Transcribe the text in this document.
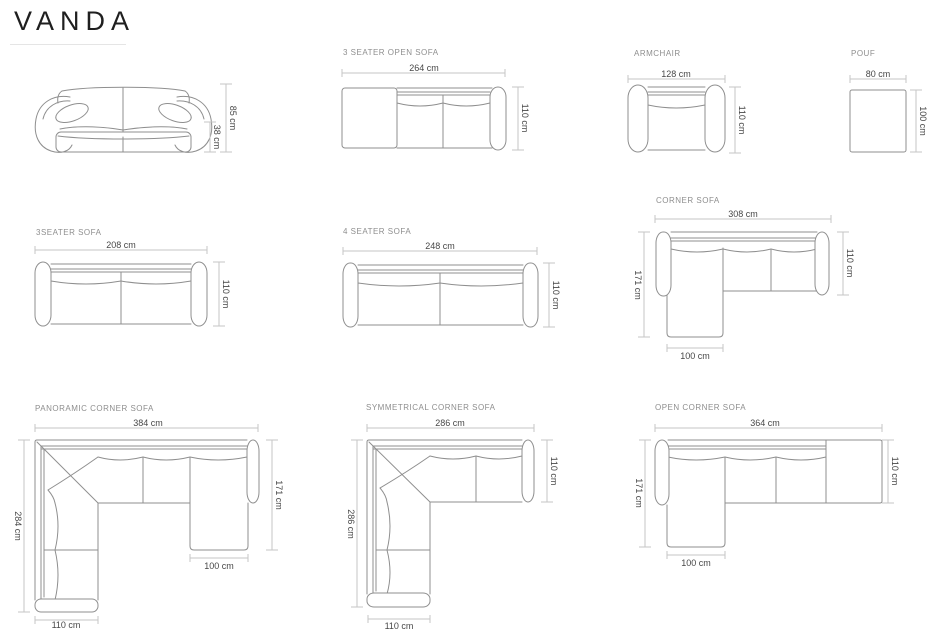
VANDA
85 cm
38 cm
3 SEATER OPEN SOFA
264 cm
110 cm
ARMCHAIR
128 cm
110 cm
POUF
80 cm
100 cm
3SEATER SOFA
208 cm
110 cm
4 SEATER SOFA
248 cm
110 cm
CORNER SOFA
308 cm
171 cm
110 cm
100 cm
PANORAMIC CORNER SOFA
384 cm
284 cm
171 cm
100 cm
110 cm
SYMMETRICAL CORNER SOFA
286 cm
286 cm
110 cm
110 cm
OPEN CORNER SOFA
364 cm
171 cm
110 cm
100 cm
